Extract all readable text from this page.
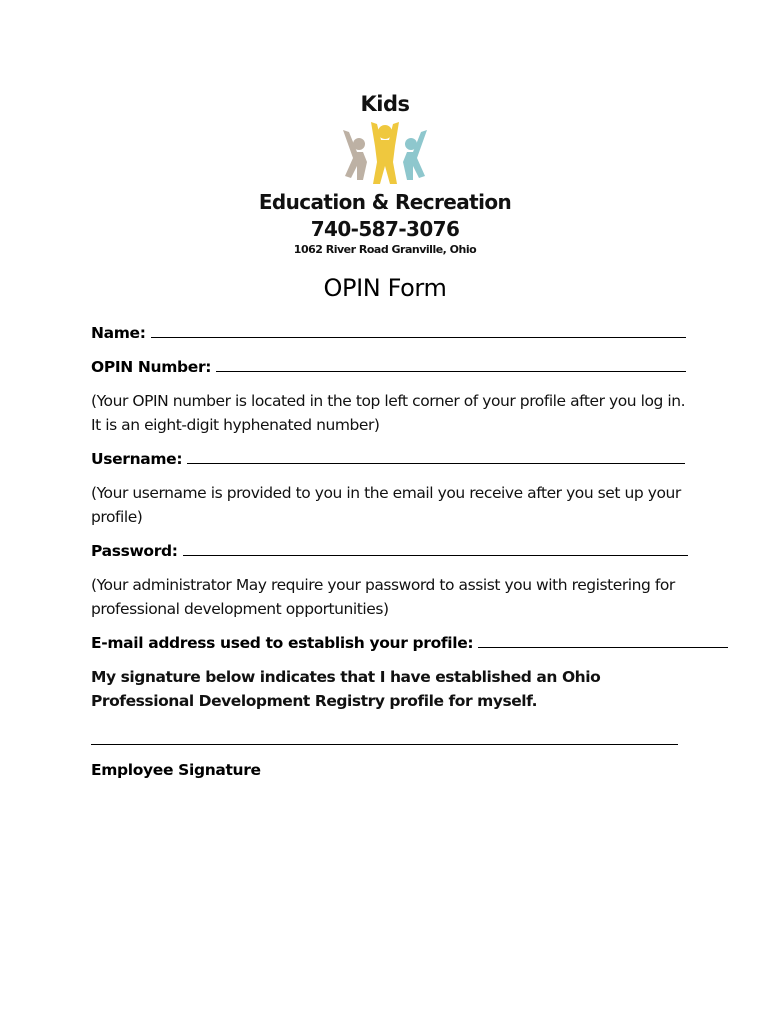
Kids
Education & Recreation
740-587-3076
1062 River Road Granville, Ohio
OPIN Form
Name:
OPIN Number:
(Your OPIN number is located in the top left corner of your profile after you log in. It is an eight-digit hyphenated number)
Username:
(Your username is provided to you in the email you receive after you set up your profile)
Password:
(Your administrator May require your password to assist you with registering for professional development opportunities)
E-mail address used to establish your profile:
My signature below indicates that I have established an Ohio Professional Development Registry profile for myself.
Employee Signature
